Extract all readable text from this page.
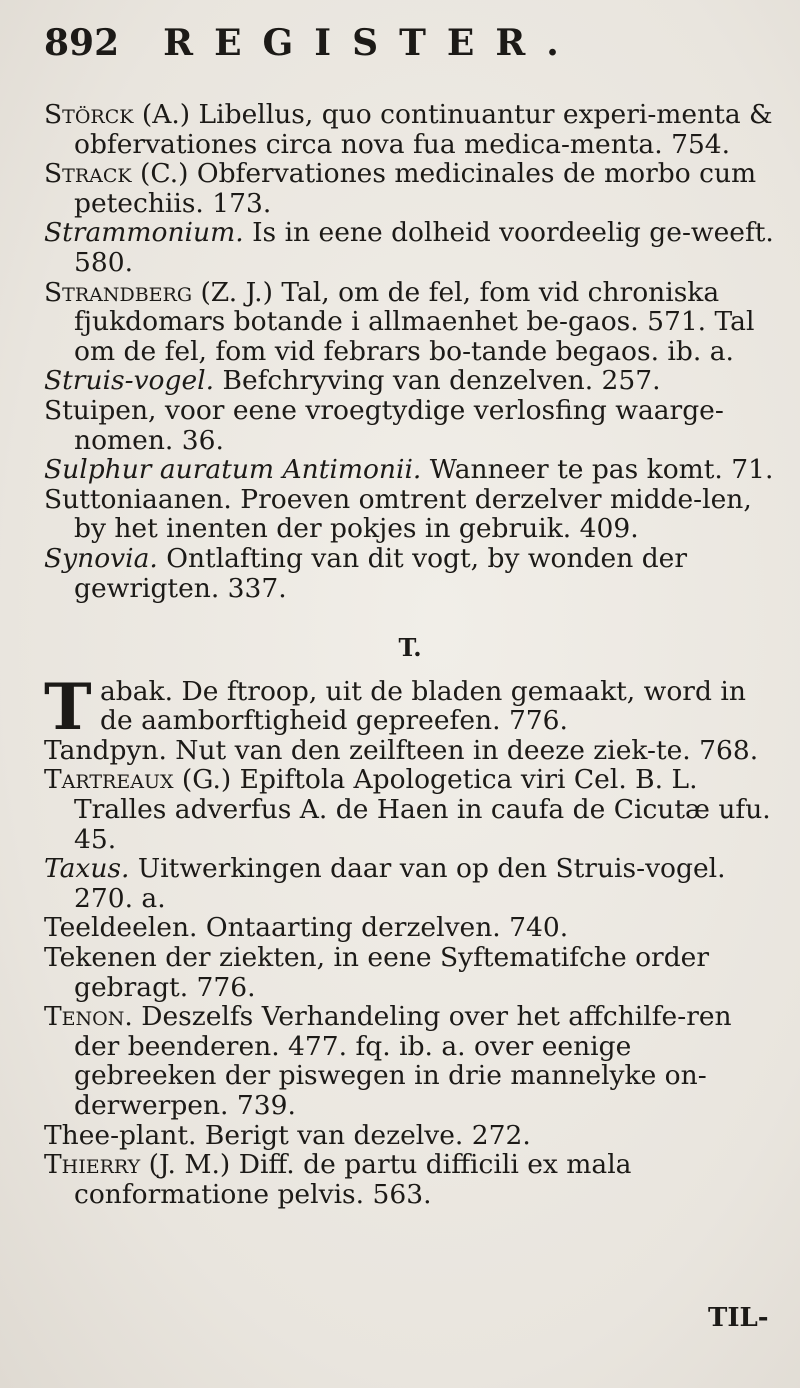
892 REGISTER.

Störck (A.) Libellus, quo continuantur experi-menta & obfervationes circa nova fua medica-menta. 754.

Strack (C.) Obfervationes medicinales de morbo cum petechiis. 173.

Strammonium. Is in eene dolheid voordeelig ge-weeft. 580.

Strandberg (Z. J.) Tal, om de fel, fom vid chroniska fjukdomars botande i allmaenhet be-gaos. 571. Tal om de fel, fom vid febrars bo-tande begaos. ib. a.

Struis-vogel. Befchryving van denzelven. 257.

Stuipen, voor eene vroegtydige verlosfing waarge-nomen. 36.

Sulphur auratum Antimonii. Wanneer te pas komt. 71.

Suttoniaanen. Proeven omtrent derzelver midde-len, by het inenten der pokjes in gebruik. 409.

Synovia. Ontlafting van dit vogt, by wonden der gewrigten. 337.

T.

T abak. De ftroop, uit de bladen gemaakt, word in de aamborftigheid gepreefen. 776.

Tandpyn. Nut van den zeilfteen in deeze ziek-te. 768.

Tartreaux (G.) Epiftola Apologetica viri Cel. B. L. Tralles adverfus A. de Haen in caufa de Cicutæ ufu. 45.

Taxus. Uitwerkingen daar van op den Struis-vogel. 270. a.

Teeldeelen. Ontaarting derzelven. 740.

Tekenen der ziekten, in eene Syftematifche order gebragt. 776.

Tenon. Deszelfs Verhandeling over het affchilfe-ren der beenderen. 477. fq. ib. a. over eenige gebreeken der piswegen in drie mannelyke on-derwerpen. 739.

Thee-plant. Berigt van dezelve. 272.

Thierry (J. M.) Diff. de partu difficili ex mala conformatione pelvis. 563.

TIL-
